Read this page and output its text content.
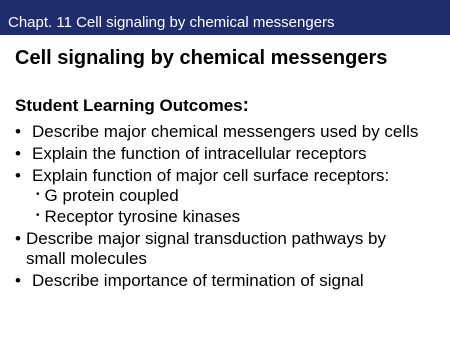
Chapt. 11 Cell signaling by chemical messengers
Cell signaling by chemical messengers
Student Learning Outcomes:
• Describe major chemical messengers used by cells
• Explain the function of intracellular receptors
• Explain function of major cell surface receptors:
• G protein coupled
• Receptor tyrosine kinases
• Describe major signal transduction pathways by
small molecules
• Describe importance of termination of signal
